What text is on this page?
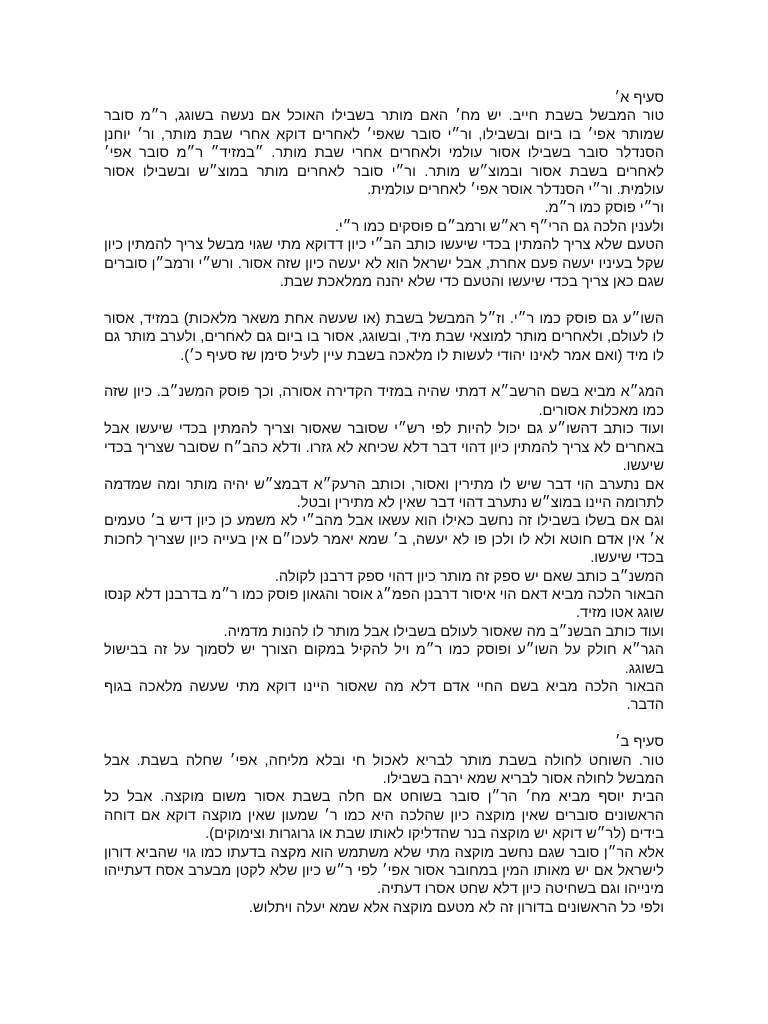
סעיף א׳

טור המבשל בשבת חייב. יש מח׳ האם מותר בשבילו האוכל אם נעשה בשוגג, ר״מ סובר שמותר אפי׳ בו ביום ובשבילו, ור״י סובר שאפי׳ לאחרים דוקא אחרי שבת מותר, ור׳ יוחנן הסנדלר סובר בשבילו אסור עולמי ולאחרים אחרי שבת מותר. ״במזיד״ ר״מ סובר אפי׳ לאחרים בשבת אסור ובמוצ״ש מותר. ור״י סובר לאחרים מותר במוצ״ש ובשבילו אסור עולמית. ור״י הסנדלר אוסר אפי׳ לאחרים עולמית.

ור״י פוסק כמו ר״מ.

ולענין הלכה גם הרי״ף רא״ש ורמב״ם פוסקים כמו ר״י.

הטעם שלא צריך להמתין בכדי שיעשו כותב הב״י כיון דדוקא מתי שגוי מבשל צריך להמתין כיון שקל בעיניו יעשה פעם אחרת, אבל ישראל הוא לא יעשה כיון שזה אסור. ורש״י ורמב״ן סוברים שגם כאן צריך בכדי שיעשו והטעם כדי שלא יהנה ממלאכת שבת.

השו״ע גם פוסק כמו ר״י. וז״ל המבשל בשבת (או שעשה אחת משאר מלאכות) במזיד, אסור לו לעולם, ולאחרים מותר למוצאי שבת מיד, ובשוגג, אסור בו ביום גם לאחרים, ולערב מותר גם לו מיד (ואם אמר לאינו יהודי לעשות לו מלאכה בשבת עיין לעיל סימן שז סעיף כ׳).

המג״א מביא בשם הרשב״א דמתי שהיה במזיד הקדירה אסורה, וכך פוסק המשנ״ב. כיון שזה כמו מאכלות אסורים.

ועוד כותב דהשו״ע גם יכול להיות לפי רש״י שסובר שאסור וצריך להמתין בכדי שיעשו אבל באחרים לא צריך להמתין כיון דהוי דבר דלא שכיחא לא גזרו. ודלא כהב״ח שסובר שצריך בכדי שיעשו.

אם נתערב הוי דבר שיש לו מתירין ואסור, וכותב הרעק״א דבמצ״ש יהיה מותר ומה שמדמה לתרומה היינו במוצ״ש נתערב דהוי דבר שאין לא מתירין ובטל.

וגם אם בשלו בשבילו זה נחשב כאילו הוא עשאו אבל מהב״י לא משמע כן כיון דיש ב׳ טעמים א׳ אין אדם חוטא ולא לו ולכן פו לא יעשה, ב׳ שמא יאמר לעכו״ם אין בעייה כיון שצריך לחכות בכדי שיעשו.

המשנ״ב כותב שאם יש ספק זה מותר כיון דהוי ספק דרבנן לקולה.

הבאור הלכה מביא דאם הוי איסור דרבנן הפמ״ג אוסר והגאון פוסק כמו ר״מ בדרבנן דלא קנסו שוגג אטו מזיד.

ועוד כותב הבשנ״ב מה שאסור לעולם בשבילו אבל מותר לו להנות מדמיה.

הגר״א חולק על השו״ע ופוסק כמו ר״מ ויל להקיל במקום הצורך יש לסמוך על זה בבישול בשוגג.

הבאור הלכה מביא בשם החיי אדם דלא מה שאסור היינו דוקא מתי שעשה מלאכה בגוף הדבר.

סעיף ב׳

טור. השוחט לחולה בשבת מותר לבריא לאכול חי ובלא מליחה, אפי׳ שחלה בשבת. אבל המבשל לחולה אסור לבריא שמא ירבה בשבילו.

הבית יוסף מביא מח׳ הר״ן סובר בשוחט אם חלה בשבת אסור משום מוקצה. אבל כל הראשונים סוברים שאין מוקצה כיון שהלכה היא כמו ר׳ שמעון שאין מוקצה דוקא אם דוחה בידים (לר״ש דוקא יש מוקצה בנר שהדליקו לאותו שבת או גרוגרות וצימוקים).

אלא הר״ן סובר שגם נחשב מוקצה מתי שלא משתמש הוא מקצה בדעתו כמו גוי שהביא דורון לישראל אם יש מאותו המין במחובר אסור אפי׳ לפי ר״ש כיון שלא לקטן מבערב אסח דעתייהו מינייהו וגם בשחיטה כיון דלא שחט אסרו דעתיה.

ולפי כל הראשונים בדורון זה לא מטעם מוקצה אלא שמא יעלה ויתלוש.
